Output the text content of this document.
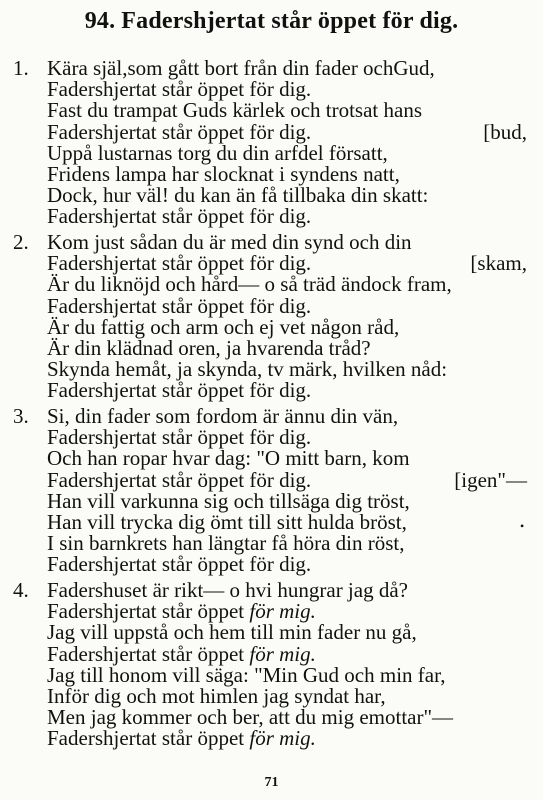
94. Fadershjertat står öppet för dig.
1. Kära själ,som gått bort från din fader ochGud,
Fadershjertat står öppet för dig.
Fast du trampat Guds kärlek och trotsat hans
Fadershjertat står öppet för dig.	[bud,
Uppå lustarnas torg du din arfdel försatt,
Fridens lampa har slocknat i syndens natt,
Dock, hur väl! du kan än få tillbaka din skatt:
Fadershjertat står öppet för dig.
2. Kom just sådan du är med din synd och din
Fadershjertat står öppet för dig.	[skam,
Är du liknöjd och hård— o så träd ändock fram,
Fadershjertat står öppet för dig.
Är du fattig och arm och ej vet någon råd,
Är din klädnad oren, ja hvarenda tråd?
Skynda hemåt, ja skynda, tv märk, hvilken nåd:
Fadershjertat står öppet för dig.
3. Si, din fader som fordom är ännu din vän,
Fadershjertat står öppet för dig.
Och han ropar hvar dag: "O mitt barn, kom
Fadershjertat står öppet för dig.	[igen"—
Han vill varkunna sig och tillsäga dig tröst,
Han vill trycka dig ömt till sitt hulda bröst,
I sin barnkrets han längtar få höra din röst,
Fadershjertat står öppet för dig.
4. Fadershuset är rikt— o hvi hungrar jag då?
Fadershjertat står öppet för mig.
Jag vill uppstå och hem till min fader nu gå,
Fadershjertat står öppet för mig.
Jag till honom vill säga: "Min Gud och min far,
Inför dig och mot himlen jag syndat har,
Men jag kommer och ber, att du mig emottar"—
Fadershjertat står öppet för mig.
•
71
